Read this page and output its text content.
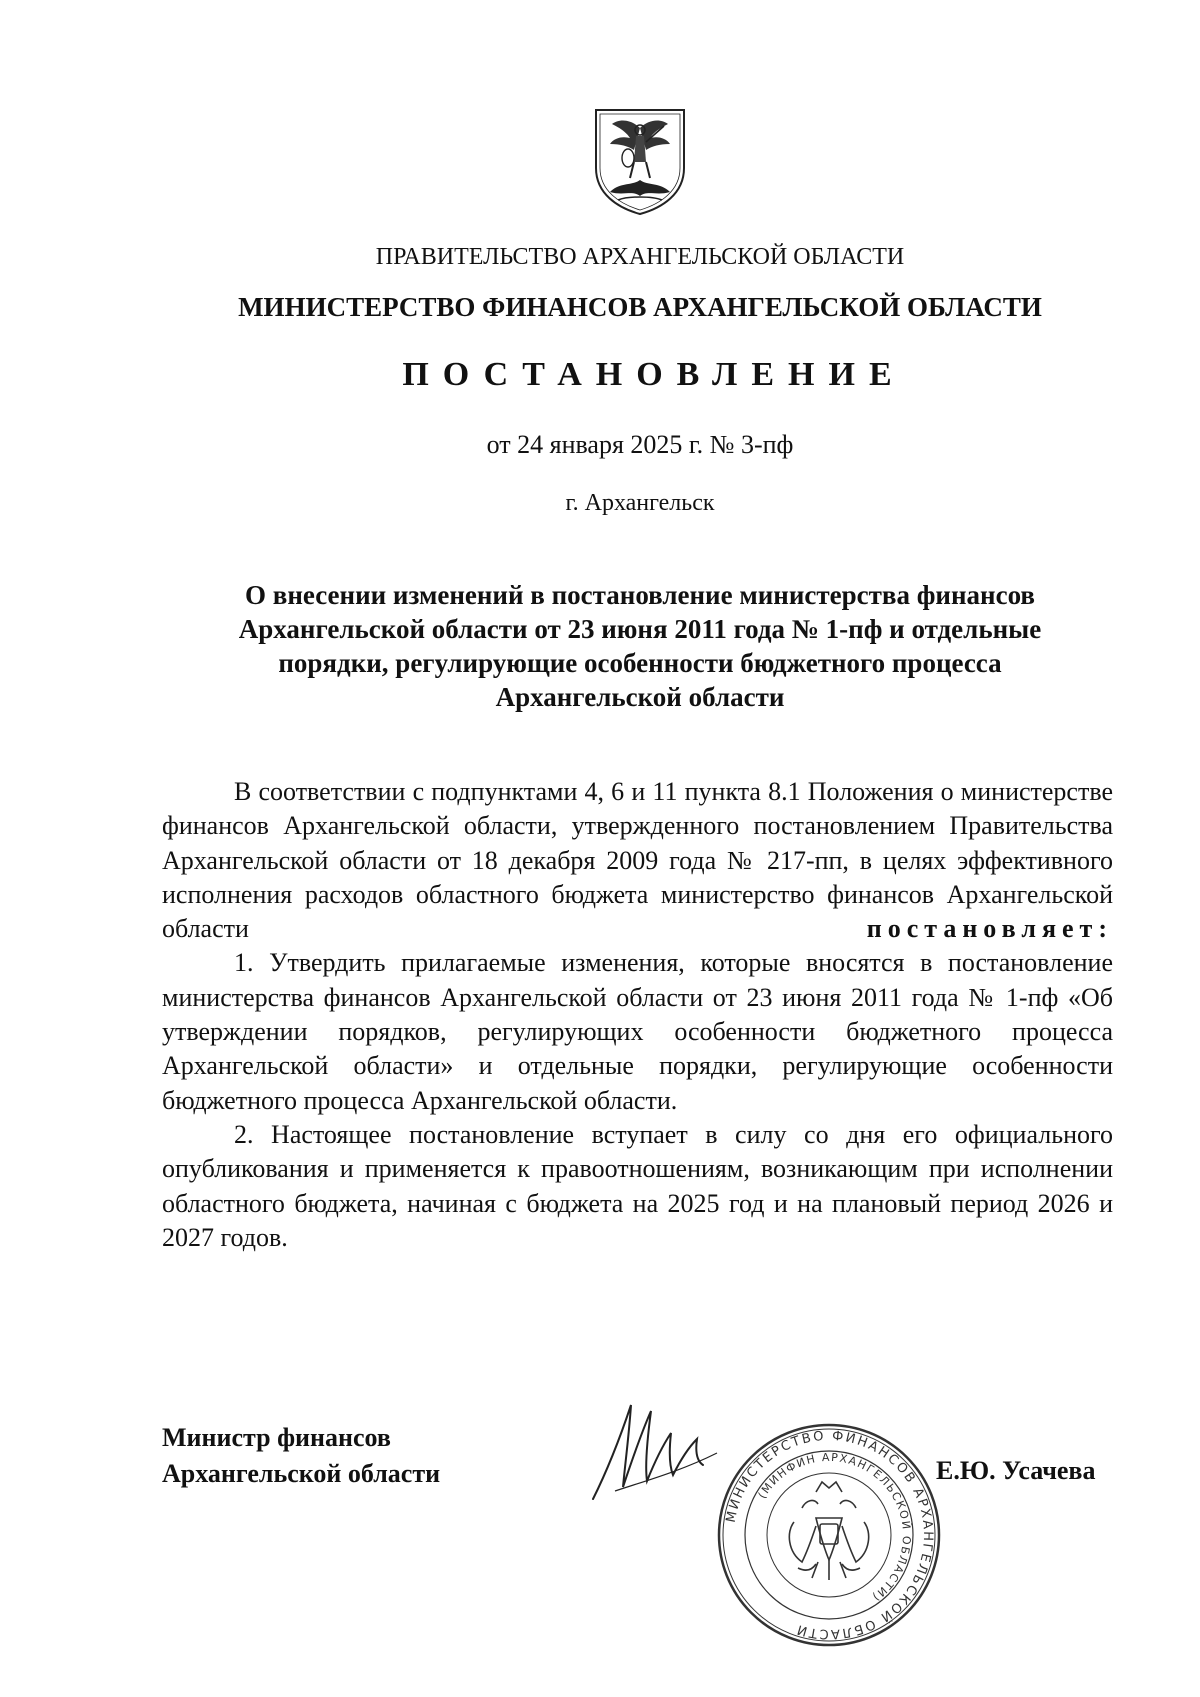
ПРАВИТЕЛЬСТВО АРХАНГЕЛЬСКОЙ ОБЛАСТИ
МИНИСТЕРСТВО ФИНАНСОВ АРХАНГЕЛЬСКОЙ ОБЛАСТИ
ПОСТАНОВЛЕНИЕ
от 24 января 2025 г. № 3-пф
г. Архангельск
О внесении изменений в постановление министерства финансов
Архангельской области от 23 июня 2011 года № 1-пф и отдельные
порядки, регулирующие особенности бюджетного процесса
Архангельской области

В соответствии с подпунктами 4, 6 и 11 пункта 8.1 Положения о министерстве финансов Архангельской области, утвержденного постановлением Правительства Архангельской области от 18 декабря 2009 года № 217-пп, в целях эффективного исполнения расходов областного бюджета министерство финансов Архангельской области	постановляет:

1. Утвердить прилагаемые изменения, которые вносятся в постановление министерства финансов Архангельской области от 23 июня 2011 года № 1-пф «Об утверждении порядков, регулирующих особенности бюджетного процесса Архангельской области» и отдельные порядки, регулирующие особенности бюджетного процесса Архангельской области.

2. Настоящее постановление вступает в силу со дня его официального опубликования и применяется к правоотношениям, возникающим при исполнении областного бюджета, начиная с бюджета на 2025 год и на плановый период 2026 и 2027 годов.

Министр финансов
Архангельской области
МИНИСТЕРСТВО ФИНАНСОВ АРХАНГЕЛЬСКОЙ ОБЛАСТИ
(МИНФИН АРХАНГЕЛЬСКОЙ ОБЛАСТИ)
Е.Ю. Усачева
